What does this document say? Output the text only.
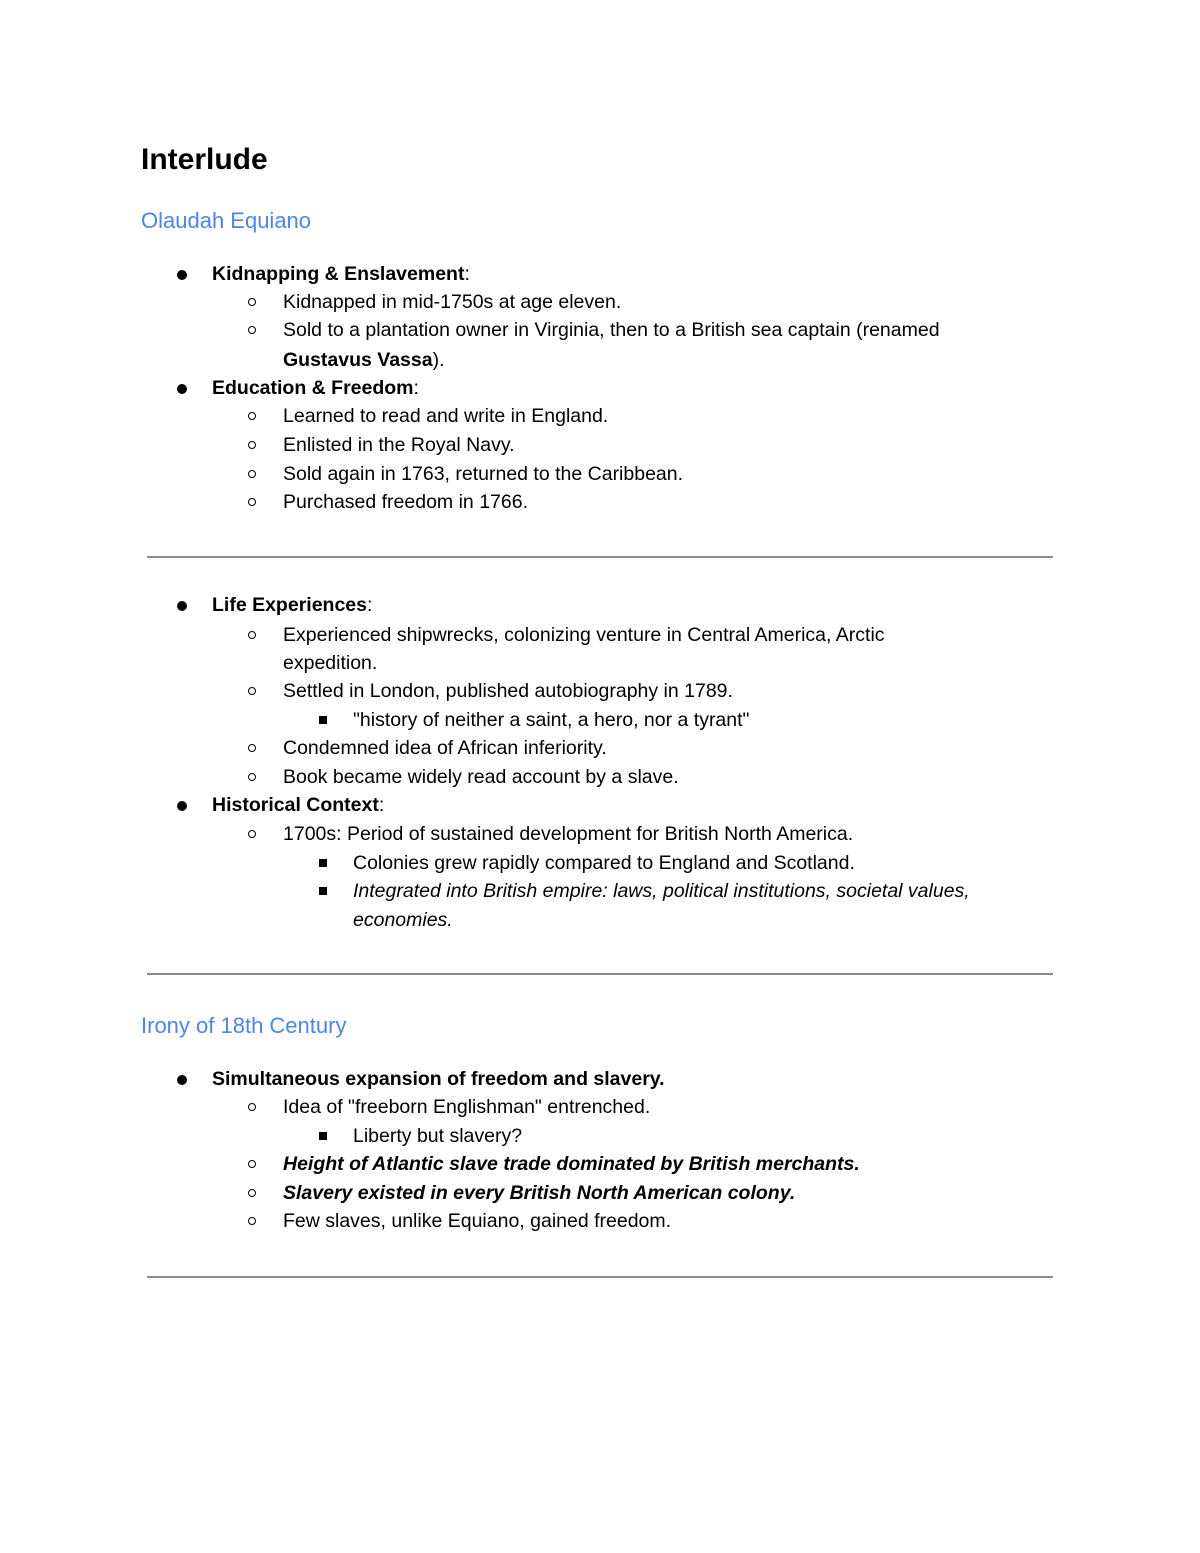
Interlude
Olaudah Equiano

Kidnapping & Enslavement:

Kidnapped in mid-1750s at age eleven.

Sold to a plantation owner in Virginia, then to a British sea captain (renamed

Gustavus Vassa).

Education & Freedom:

Learned to read and write in England.

Enlisted in the Royal Navy.

Sold again in 1763, returned to the Caribbean.

Purchased freedom in 1766.

Life Experiences:

Experienced shipwrecks, colonizing venture in Central America, Arctic

expedition.

Settled in London, published autobiography in 1789.

"history of neither a saint, a hero, nor a tyrant"

Condemned idea of African inferiority.

Book became widely read account by a slave.

Historical Context:

1700s: Period of sustained development for British North America.

Colonies grew rapidly compared to England and Scotland.

Integrated into British empire: laws, political institutions, societal values,

economies.

Irony of 18th Century

Simultaneous expansion of freedom and slavery.

Idea of "freeborn Englishman" entrenched.

Liberty but slavery?

Height of Atlantic slave trade dominated by British merchants.

Slavery existed in every British North American colony.

Few slaves, unlike Equiano, gained freedom.
